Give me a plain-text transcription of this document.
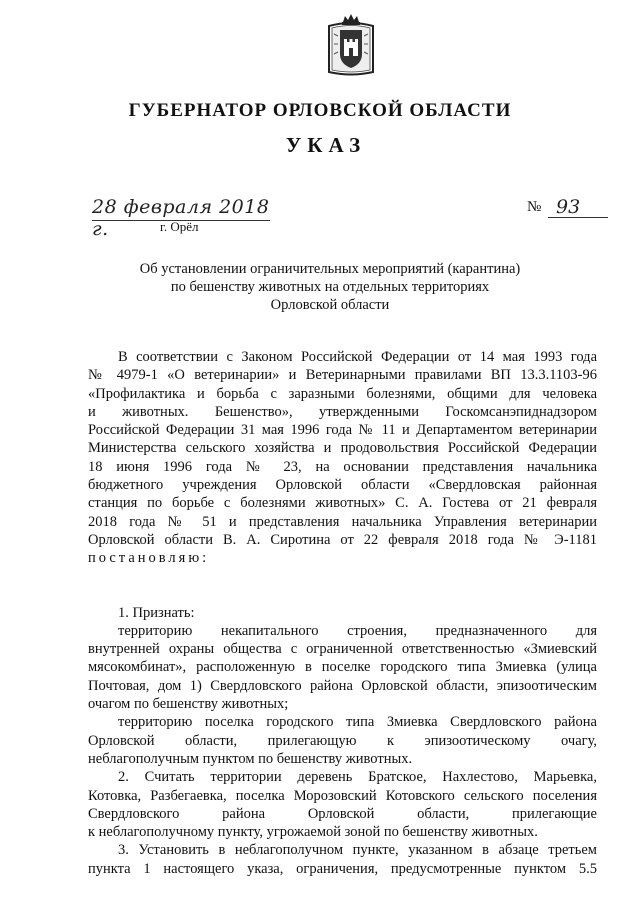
ГУБЕРНАТОР ОРЛОВСКОЙ ОБЛАСТИ
УКАЗ
28 февраля 2018 г.	г. Орёл
№ 93
Об установлении ограничительных мероприятий (карантина)
по бешенству животных на отдельных территориях
Орловской области
В соответствии с Законом Российской Федерации от 14 мая 1993 года
№ 4979-1 «О ветеринарии» и Ветеринарными правилами ВП 13.3.1103-96
«Профилактика и борьба с заразными болезнями, общими для человека
и животных. Бешенство», утвержденными Госкомсанэпиднадзором
Российской Федерации 31 мая 1996 года № 11 и Департаментом ветеринарии
Министерства сельского хозяйства и продовольствия Российской Федерации
18 июня 1996 года № 23, на основании представления начальника
бюджетного учреждения Орловской области «Свердловская районная
станция по борьбе с болезнями животных» С. А. Гостева от 21 февраля
2018 года № 51 и представления начальника Управления ветеринарии
Орловской области В. А. Сиротина от 22 февраля 2018 года № Э-1181
постановляю:
1. Признать:
территорию некапитального строения, предназначенного для
внутренней охраны общества с ограниченной ответственностью «Змиевский
мясокомбинат», расположенную в поселке городского типа Змиевка (улица
Почтовая, дом 1) Свердловского района Орловской области, эпизоотическим
очагом по бешенству животных;
территорию поселка городского типа Змиевка Свердловского района
Орловской области, прилегающую к эпизоотическому очагу,
неблагополучным пунктом по бешенству животных.
2. Считать территории деревень Братское, Нахлестово, Марьевка,
Котовка, Разбегаевка, поселка Морозовский Котовского сельского поселения
Свердловского района Орловской области, прилегающие
к неблагополучному пункту, угрожаемой зоной по бешенству животных.
3. Установить в неблагополучном пункте, указанном в абзаце третьем
пункта 1 настоящего указа, ограничения, предусмотренные пунктом 5.5
